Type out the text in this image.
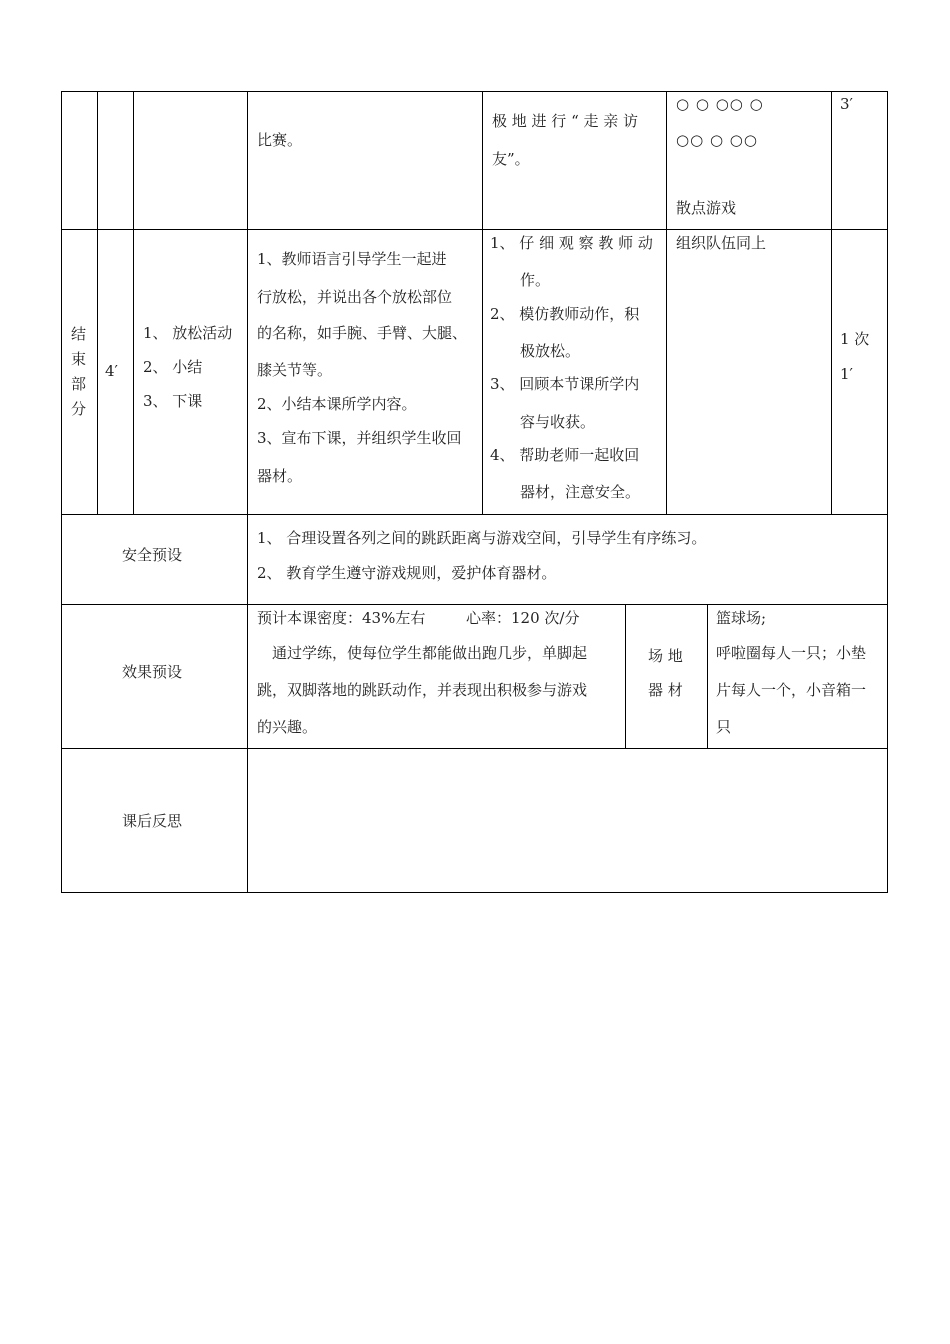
比赛。
极 地 进 行 “ 走 亲 访
友”。
○ ○ ○○ ○
○○ ○ ○○
散点游戏
3′
结
束
部
分
4′
1、 放松活动
2、 小结
3、 下课
1、教师语言引导学生一起进
行放松，并说出各个放松部位
的名称，如手腕、手臂、大腿、
膝关节等。
2、小结本课所学内容。
3、宣布下课，并组织学生收回
器材。
1、 仔 细 观 察 教 师 动
作。
2、 模仿教师动作，积
极放松。
3、 回顾本节课所学内
容与收获。
4、 帮助老师一起收回
器材，注意安全。
组织队伍同上
1 次
1′
安全预设
1、 合理设置各列之间的跳跃距离与游戏空间，引导学生有序练习。
2、 教育学生遵守游戏规则，爱护体育器材。
效果预设
预计本课密度：43%左右	心率：120 次/分
通过学练，使每位学生都能做出跑几步，单脚起
跳，双脚落地的跳跃动作，并表现出积极参与游戏
的兴趣。
场 地
器 材
篮球场;
呼啦圈每人一只；小垫
片每人一个，小音箱一
只
课后反思
